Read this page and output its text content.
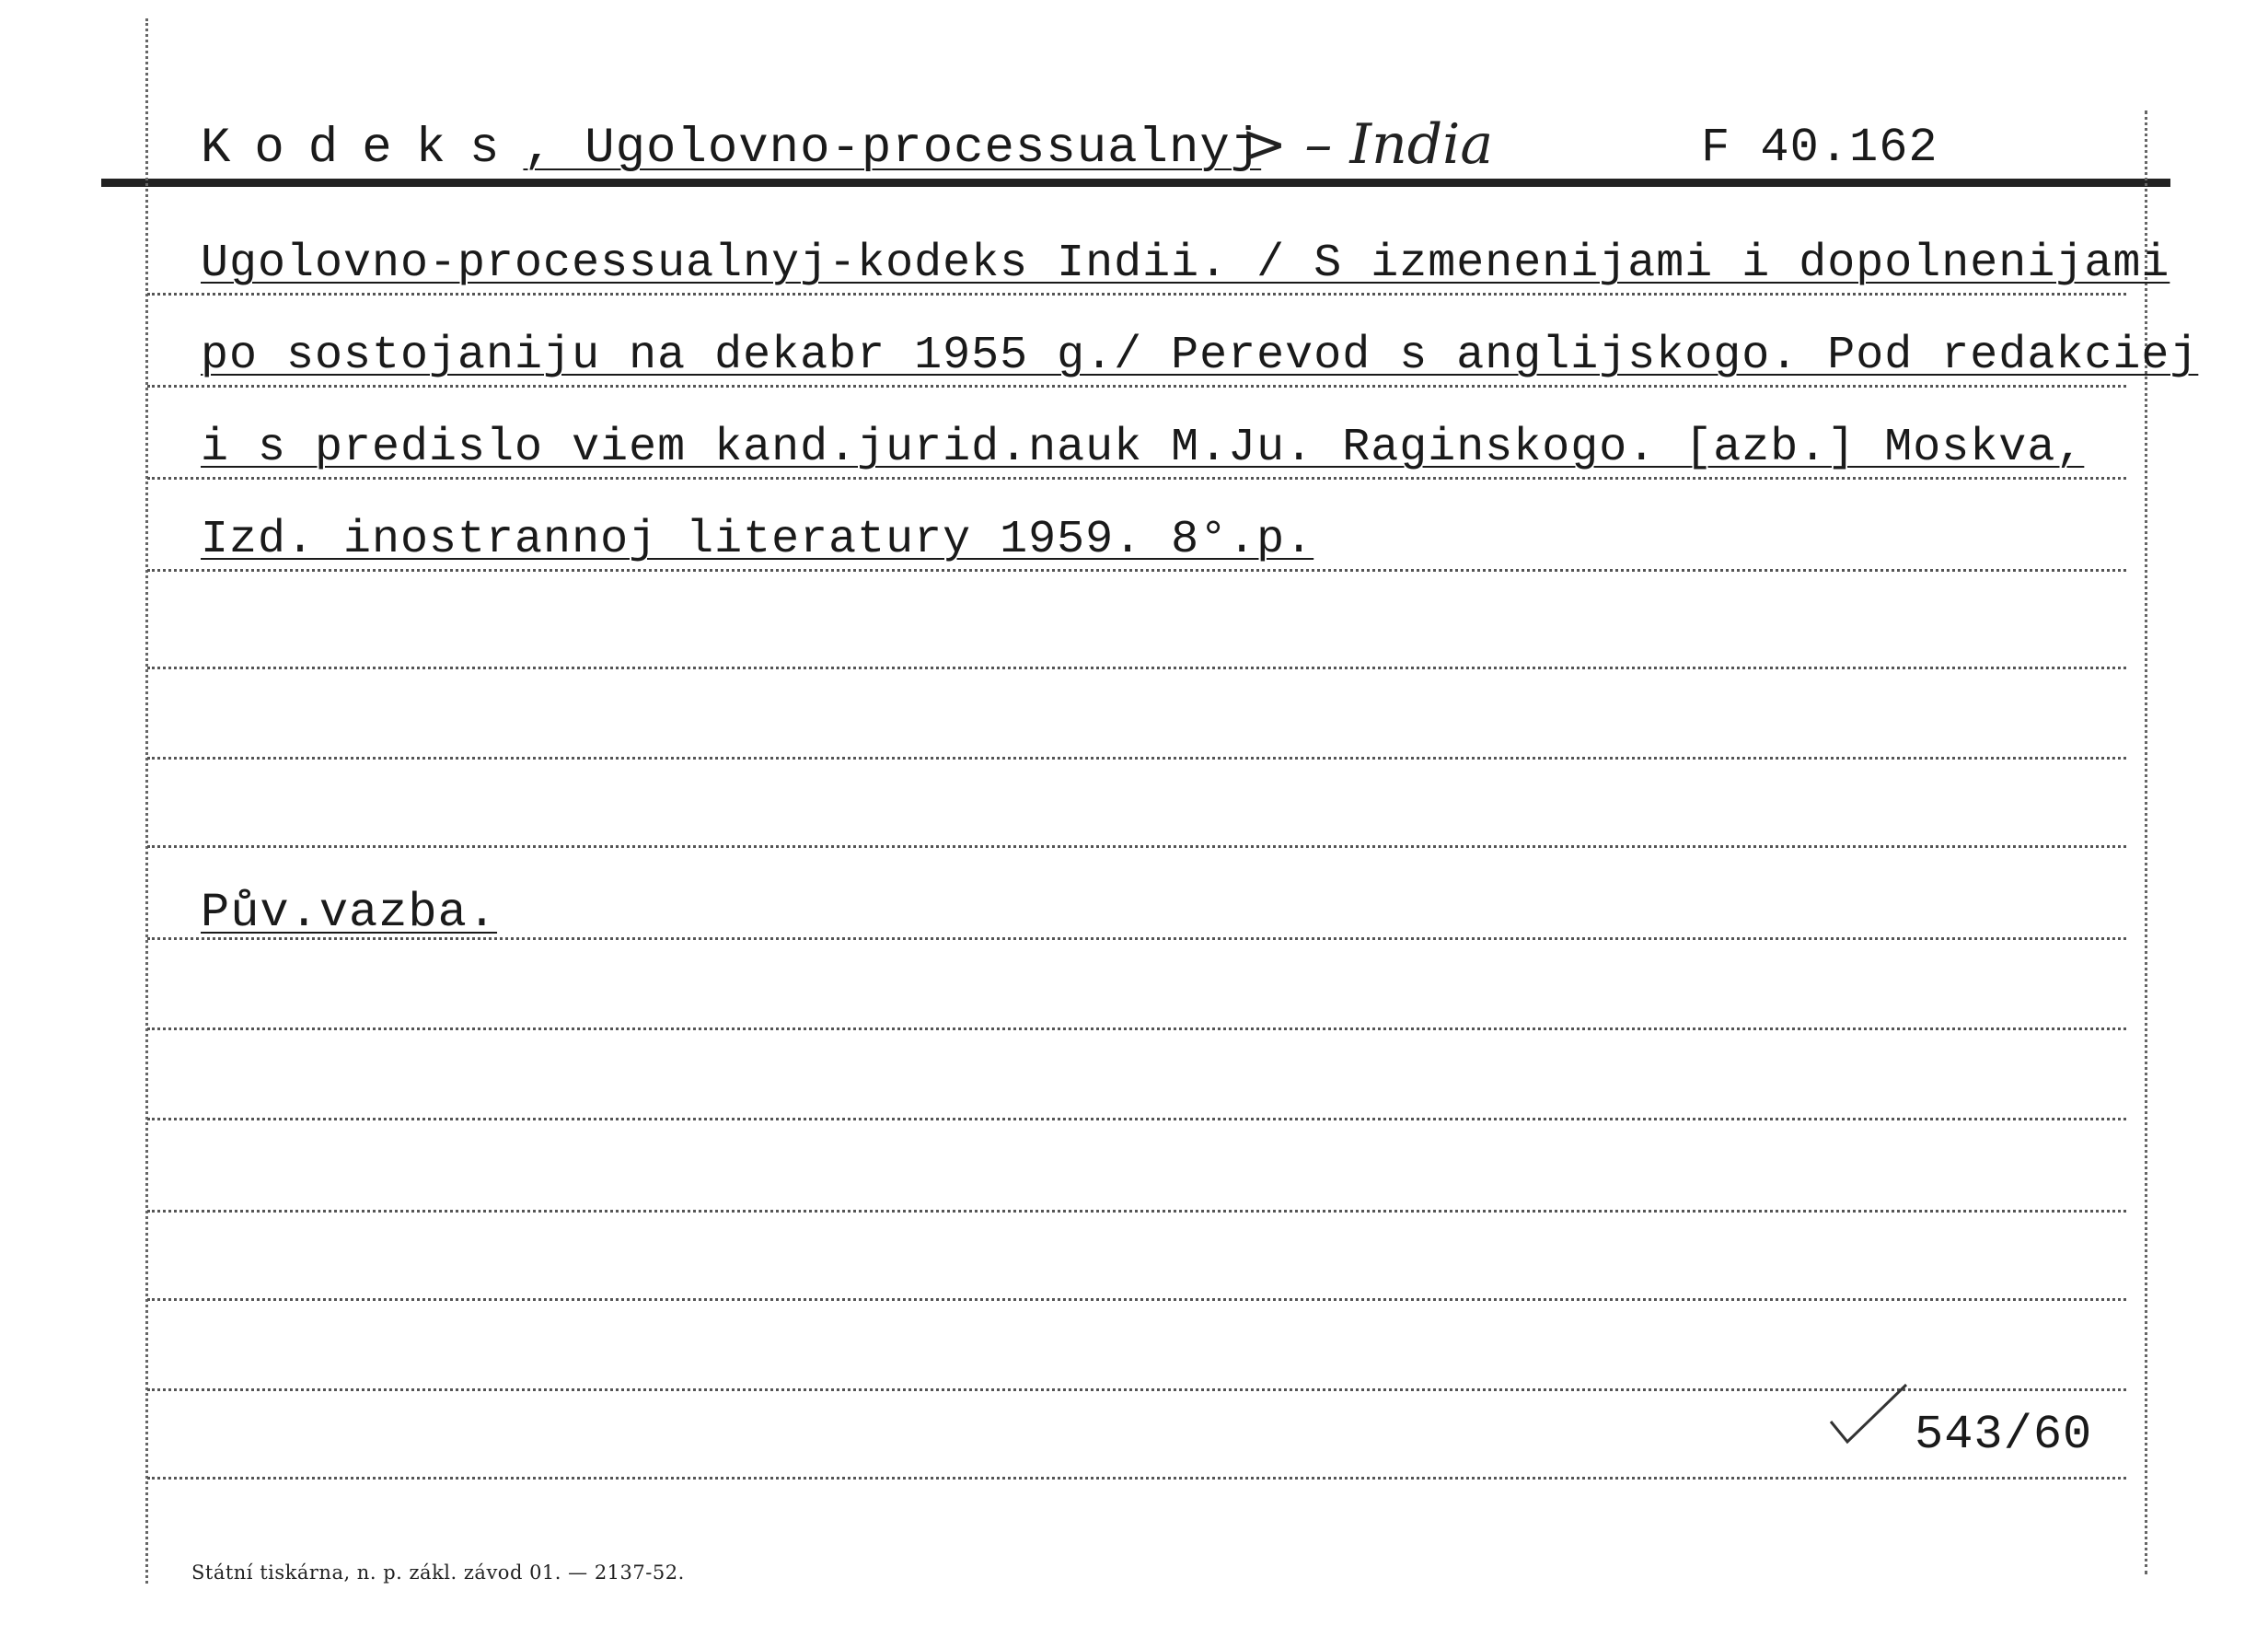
Kodeks, Ugolovno-processualnyj
> – India	F 40.162
Ugolovno-processualnyj-kodeks Indii. / S izmenenijami i dopolnenijami
po sostojaniju na dekabr 1955 g./ Perevod s anglijskogo. Pod redakciej
i s predislo viem kand.jurid.nauk M.Ju. Raginskogo. [azb.] Moskva,
Izd. inostrannoj literatury 1959. 8°.p.
Pův.vazba.
543/60
Státní tiskárna, n. p. zákl. závod 01. — 2137-52.
